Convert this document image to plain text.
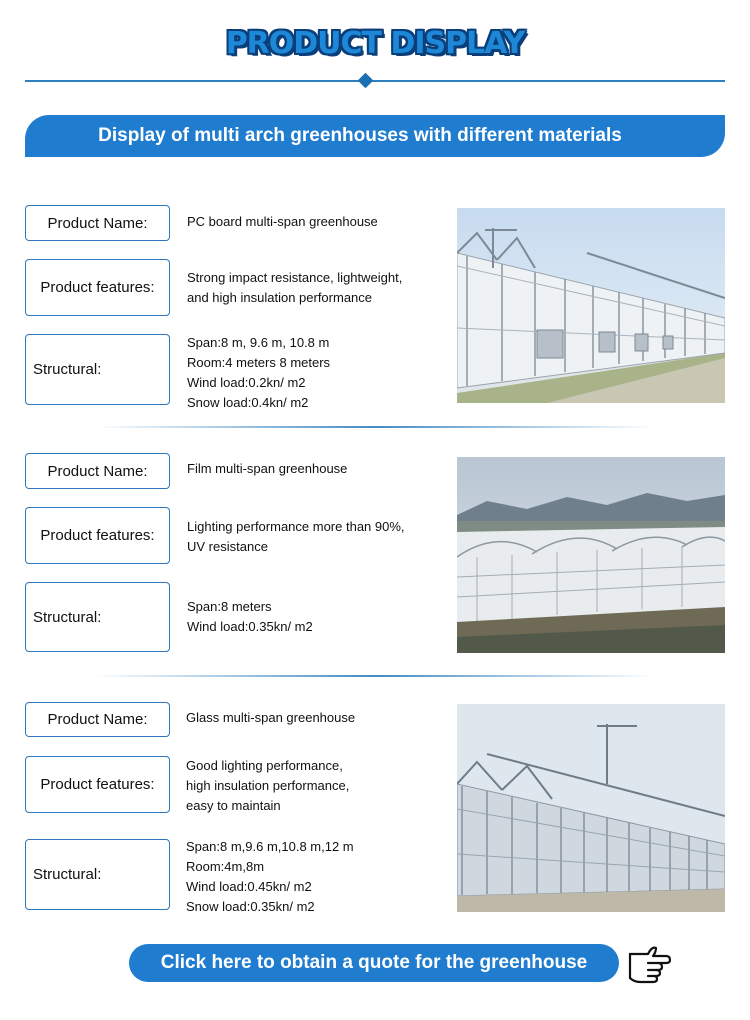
PRODUCT DISPLAY
Display of multi arch greenhouses with different materials
Product Name:	PC board multi-span greenhouse
Product features:
Strong impact resistance, lightweight,
and high insulation performance
Structural:
Span:8 m, 9.6 m, 10.8 m
Room:4 meters 8 meters
Wind load:0.2kn/ m2
Snow load:0.4kn/ m2
Product Name:	Film multi-span greenhouse
Product features:
Lighting performance more than 90%,
UV resistance
Structural:
Span:8 meters
Wind load:0.35kn/ m2
Product Name:	Glass multi-span greenhouse
Product features:
Good lighting performance,
high insulation performance,
easy to maintain
Structural:
Span:8 m,9.6 m,10.8 m,12 m
Room:4m,8m
Wind load:0.45kn/ m2
Snow load:0.35kn/ m2
Click here to obtain a quote for the greenhouse
